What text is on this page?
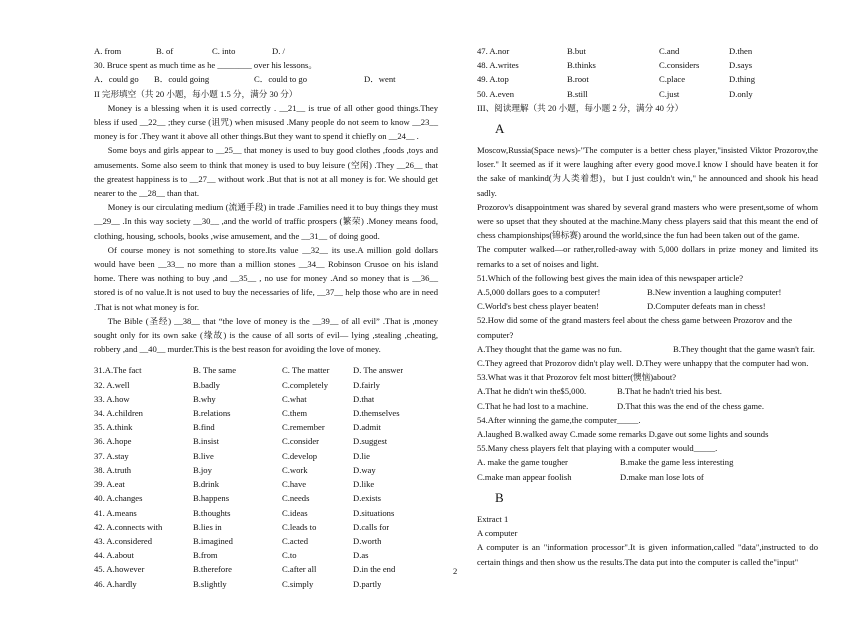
A. from	B. of	C. into	D. /
30. Bruce spent as much time as he ________ over his lessons。
A．could go	B．could going	C．could to go	D．went
II 完形填空（共 20 小题，每小题 1.5 分，满分 30 分）
Money is a blessing when it is used correctly . __21__ is true of all other good things.They bless if used __22__ ;they curse (诅咒) when misused .Many people do not seem to know __23__ money is for .They want it above all other things.But they want to spend it chiefly on __24__ .
Some boys and girls appear to __25__ that money is used to buy good clothes ,foods ,toys and amusements. Some also seem to think that money is used to buy leisure (空闲) .They __26__ that the greatest happiness is to __27__ without work .But that is not at all money is for. We should get nearer to the __28__ than that.
Money is our circulating medium (流通手段) in trade .Families need it to buy things they must __29__ .In this way society __30__ ,and the world of traffic prospers (繁荣) .Money means food, clothing, housing, schools, books ,wise amusement, and the __31__ of doing good.
Of course money is not something to store.Its value __32__ its use.A million gold dollars would have been __33__ no more than a million stones __34__ Robinson Crusoe on his island home. There was nothing to buy ,and __35__ , no use for money .And so money that is __36__ stored is of no value.It is not used to buy the necessaries of life, __37__ help those who are in need .That is not what money is for.
The Bible (圣经) __38__ that “the love of money is the __39__ of all evil” .That is ,money sought only for its own sake (缘故) is the cause of all sorts of evil— lying ,stealing ,cheating, robbery ,and __40__ murder.This is the best reason for avoiding the love of money.
31.A.The fact	B. The same	C. The matter	D. The answer
32. A.well	B.badly	C.completely	D.fairly
33. A.how	B.why	C.what	D.that
34. A.children	B.relations	C.them	D.themselves
35. A.think	B.find	C.remember	D.admit
36. A.hope	B.insist	C.consider	D.suggest
37. A.stay	B.live	C.develop	D.lie
38. A.truth	B.joy	C.work	D.way
39. A.eat	B.drink	C.have	D.like
40. A.changes	B.happens	C.needs	D.exists
41. A.means	B.thoughts	C.ideas	D.situations
42. A.connects with	B.lies in	C.leads to	D.calls for
43. A.considered	B.imagined	C.acted	D.worth
44. A.about	B.from	C.to	D.as
45. A.however	B.therefore	C.after all	D.in the end
46. A.hardly	B.slightly	C.simply	D.partly
47. A.nor	B.but	C.and	D.then
48. A.writes	B.thinks	C.considers	D.says
49. A.top	B.root	C.place	D.thing
50. A.even	B.still	C.just	D.only
III、阅读理解（共 20 小题，每小题 2 分，满分 40 分）
A
Moscow,Russia(Space news)-"The computer is a better chess player,"insisted Viktor Prozorov,the loser." It seemed as if it were laughing after every good move.I know I should have beaten it for the sake of mankind(为人类着想)，but I just couldn't win," he announced and shook his head sadly.
Prozorov's disappointment was shared by several grand masters who were present,some of whom were so upset that they shouted at the machine.Many chess players said that this meant the end of chess championships(锦标赛) around the world,since the fun had been taken out of the game.
The computer walked—or rather,rolled-away with 5,000 dollars in prize money and limited its remarks to a set of noises and light.
51.Which of the following best gives the main idea of this newspaper article?
A.5,000 dollars goes to a computer!	B.New invention a laughing computer!
C.World's best chess player beaten!	D.Computer defeats man in chess!
52.How did some of the grand masters feel about the chess game between Prozorov and the computer?
A.They thought that the game was no fun.	B.They thought that the game wasn't fair.
C.They agreed that Prozorov didn't play well. D.They were unhappy that the computer had won.
53.What was it that Prozorov felt most bitter(懊恼)about?
A.That he didn't win the$5,000.	B.That he hadn't tried his best.
C.That he had lost to a machine.	D.That this was the end of the chess game.
54.After winning the game,the computer_____.
A.laughed B.walked away C.made some remarks D.gave out some lights and sounds
55.Many chess players felt that playing with a computer would_____.
A. make the game tougher	B.make the game less interesting
C.make man appear foolish	D.make man lose lots of
B
Extract 1
A computer
A computer is an "information processor".It is given information,called "data",instructed to do certain things and then show us the results.The data put into the computer is called the"input"
2
